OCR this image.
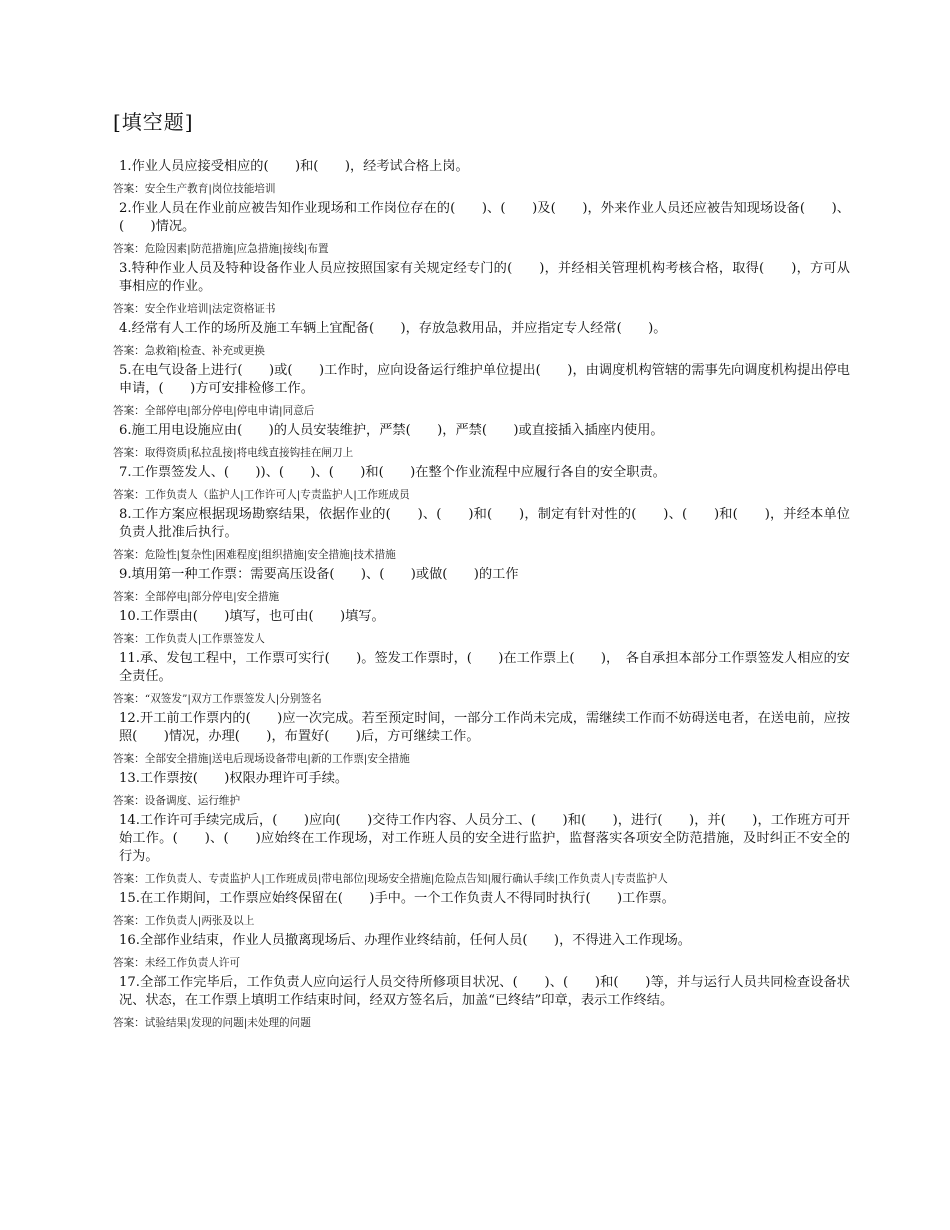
[填空题]

1.作业人员应接受相应的(　　)和(　　)，经考试合格上岗。

答案：安全生产教育|岗位技能培训

2.作业人员在作业前应被告知作业现场和工作岗位存在的(　　)、(　　)及(　　)，外来作业人员还应被告知现场设备(　　)、(　　)情况。

答案：危险因素|防范措施|应急措施|接线|布置

3.特种作业人员及特种设备作业人员应按照国家有关规定经专门的(　　)，并经相关管理机构考核合格，取得(　　)，方可从事相应的作业。

答案：安全作业培训|法定资格证书

4.经常有人工作的场所及施工车辆上宜配备(　　)，存放急救用品，并应指定专人经常(　　)。

答案：急救箱|检查、补充或更换

5.在电气设备上进行(　　)或(　　)工作时，应向设备运行维护单位提出(　　)，由调度机构管辖的需事先向调度机构提出停电申请，(　　)方可安排检修工作。

答案：全部停电|部分停电|停电申请|同意后

6.施工用电设施应由(　　)的人员安装维护，严禁(　　)，严禁(　　)或直接插入插座内使用。

答案：取得资质|私拉乱接|将电线直接钩挂在闸刀上

7.工作票签发人、(　　))、(　　)、(　　)和(　　)在整个作业流程中应履行各自的安全职责。

答案：工作负责人（监护人|工作许可人|专责监护人|工作班成员

8.工作方案应根据现场勘察结果，依据作业的(　　)、(　　)和(　　)，制定有针对性的(　　)、(　　)和(　　)，并经本单位负责人批准后执行。

答案：危险性|复杂性|困难程度|组织措施|安全措施|技术措施

9.填用第一种工作票：需要高压设备(　　)、(　　)或做(　　)的工作

答案：全部停电|部分停电|安全措施

10.工作票由(　　)填写，也可由(　　)填写。

答案：工作负责人|工作票签发人

11.承、发包工程中，工作票可实行(　　)。签发工作票时，(　　)在工作票上(　　)，　各自承担本部分工作票签发人相应的安全责任。

答案：“双签发”|双方工作票签发人|分别签名

12.开工前工作票内的(　　)应一次完成。若至预定时间，一部分工作尚未完成，需继续工作而不妨碍送电者，在送电前，应按照(　　)情况，办理(　　)，布置好(　　)后，方可继续工作。

答案：全部安全措施|送电后现场设备带电|新的工作票|安全措施

13.工作票按(　　)权限办理许可手续。

答案：设备调度、运行维护

14.工作许可手续完成后，(　　)应向(　　)交待工作内容、人员分工、(　　)和(　　)，进行(　　)，并(　　)，工作班方可开始工作。(　　)、(　　)应始终在工作现场，对工作班人员的安全进行监护，监督落实各项安全防范措施，及时纠正不安全的行为。

答案：工作负责人、专责监护人|工作班成员|带电部位|现场安全措施|危险点告知|履行确认手续|工作负责人|专责监护人

15.在工作期间，工作票应始终保留在(　　)手中。一个工作负责人不得同时执行(　　)工作票。

答案：工作负责人|两张及以上

16.全部作业结束，作业人员撤离现场后、办理作业终结前，任何人员(　　)，不得进入工作现场。

答案：未经工作负责人许可

17.全部工作完毕后，工作负责人应向运行人员交待所修项目状况、(　　)、(　　)和(　　)等，并与运行人员共同检查设备状况、状态，在工作票上填明工作结束时间，经双方签名后，加盖“已终结”印章，表示工作终结。

答案：试验结果|发现的问题|未处理的问题
